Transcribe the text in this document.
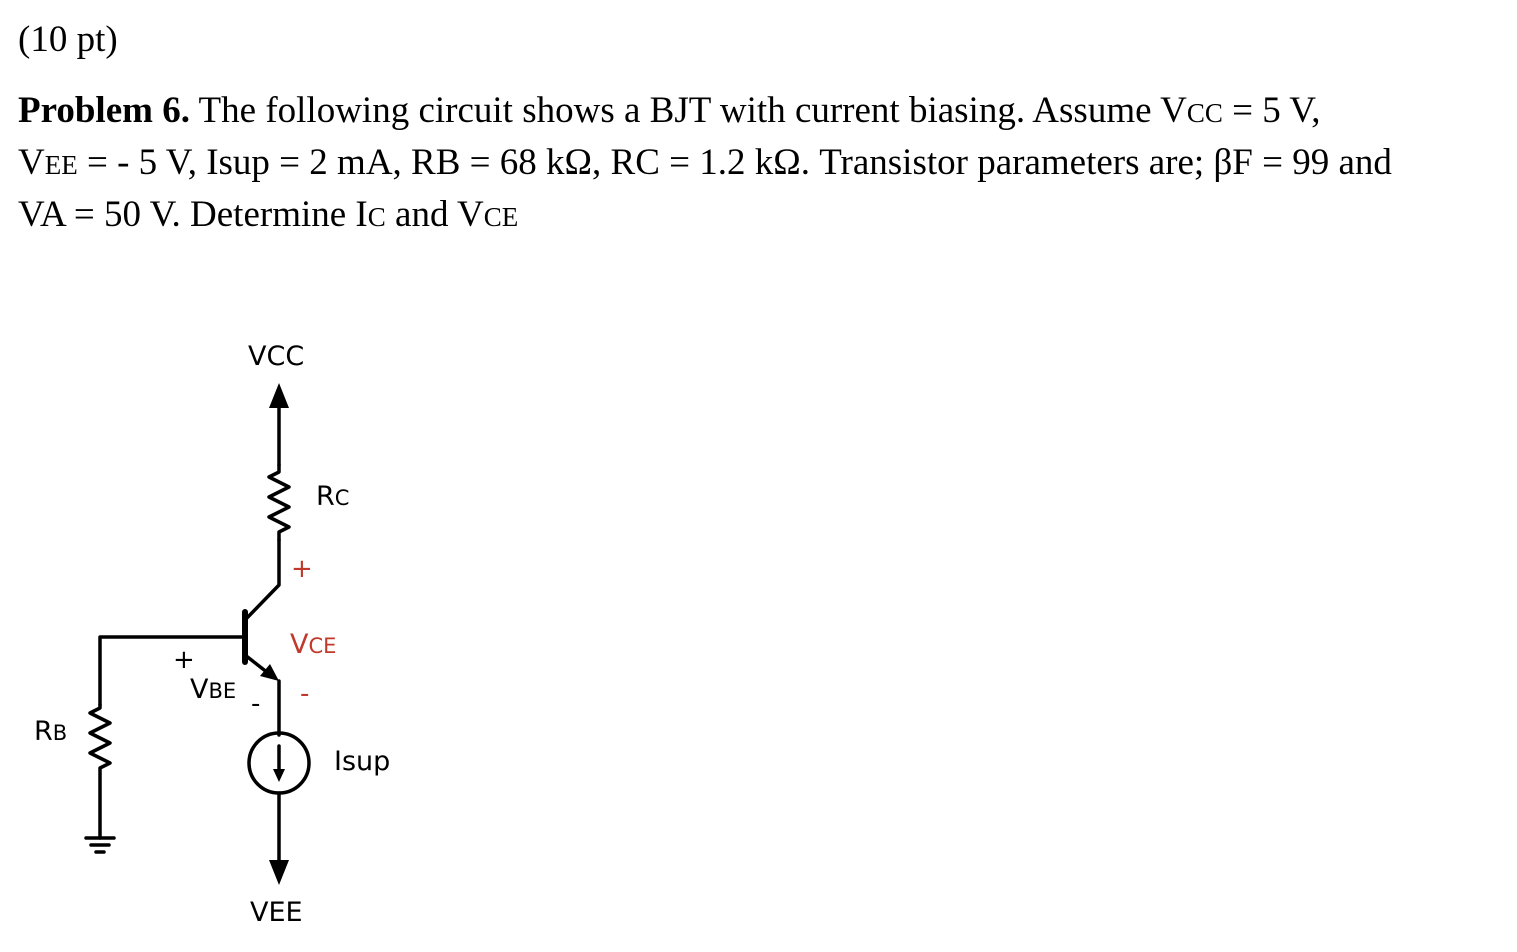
(10 pt)
Problem 6. The following circuit shows a BJT with current biasing. Assume VCC = 5 V,
VEE = - 5 V, Isup = 2 mA, RB = 68 kΩ, RC = 1.2 kΩ. Transistor parameters are; βF = 99 and
VA = 50 V. Determine IC and VCE
VCC
VEE
RC
RB
Isup
VBE
+
-
VCE
+
-
